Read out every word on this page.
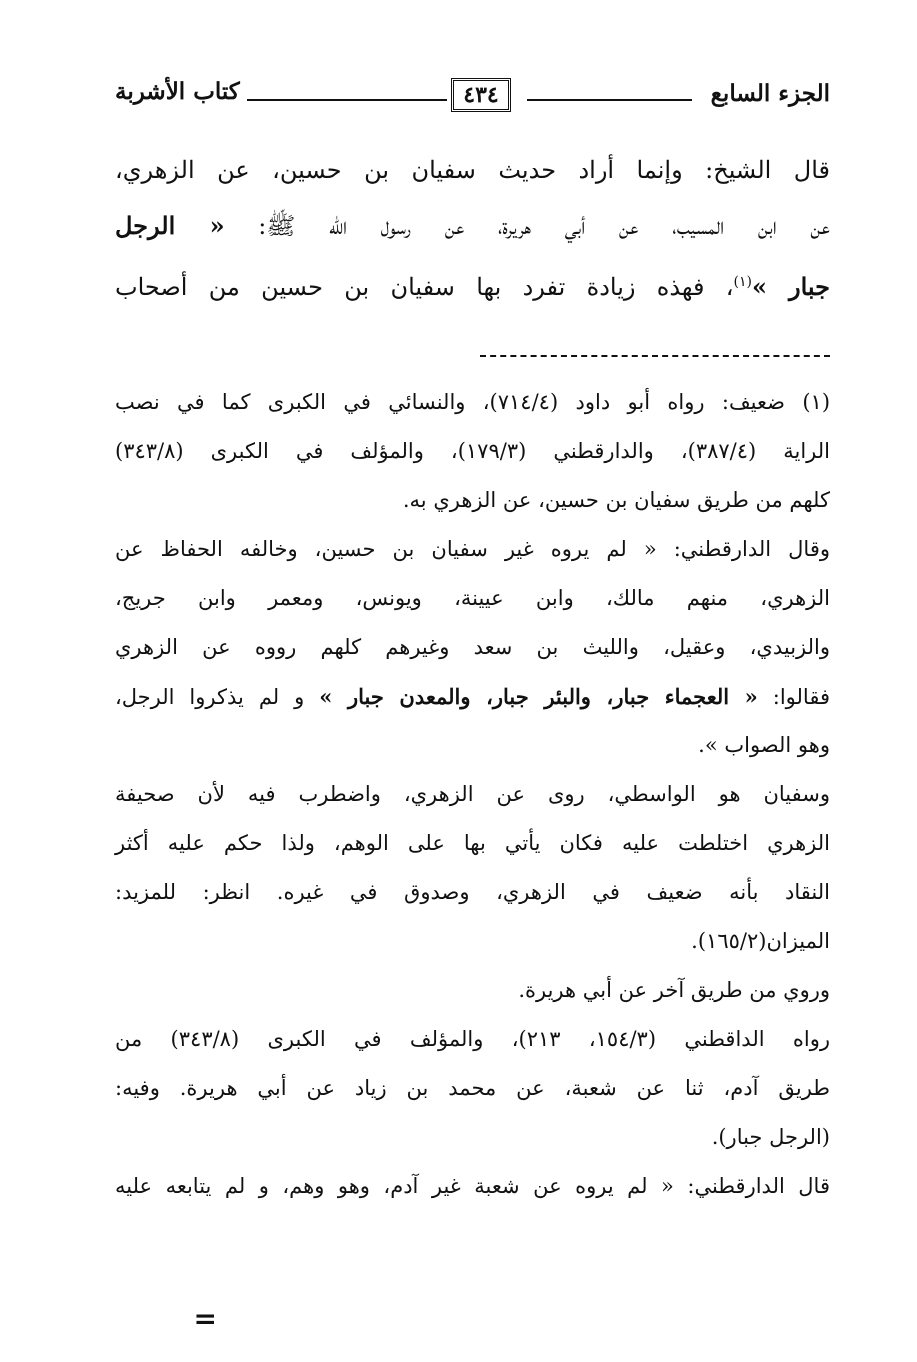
الجزء السابع
٤٣٤
كتاب الأشربة
قال الشيخ: وإنما أراد حديث سفيان بن حسين، عن الزهري،
عن ابن المسيب، عن أبي هريرة، عن رسول الله ﷺ: « الرجل
جبار »$^{(١)}$، فهذه زيادة تفرد بها سفيان بن حسين من أصحاب
(١) ضعيف: رواه أبو داود (٧١٤/٤)، والنسائي في الكبرى كما في نصب
الراية (٣٨٧/٤)، والدارقطني (١٧٩/٣)، والمؤلف في الكبرى (٣٤٣/٨)
كلهم من طريق سفيان بن حسين، عن الزهري به.
وقال الدارقطني: « لم يروه غير سفيان بن حسين، وخالفه الحفاظ عن
الزهري، منهم مالك، وابن عيينة، ويونس، ومعمر وابن جريج،
والزبيدي، وعقيل، والليث بن سعد وغيرهم كلهم رووه عن الزهري
فقالوا: « العجماء جبار، والبئر جبار، والمعدن جبار » و لم يذكروا الرجل،
وهو الصواب ».
وسفيان هو الواسطي، روى عن الزهري، واضطرب فيه لأن صحيفة
الزهري اختلطت عليه فكان يأتي بها على الوهم، ولذا حكم عليه أكثر
النقاد بأنه ضعيف في الزهري، وصدوق في غيره. انظر: للمزيد:
الميزان(١٦٥/٢).
وروي من طريق آخر عن أبي هريرة.
رواه الداقطني (١٥٤/٣، ٢١٣)، والمؤلف في الكبرى (٣٤٣/٨) من
طريق آدم، ثنا عن شعبة، عن محمد بن زياد عن أبي هريرة. وفيه:
(الرجل جبار).
قال الدارقطني: « لم يروه عن شعبة غير آدم، وهو وهم، و لم يتابعه عليه
=
